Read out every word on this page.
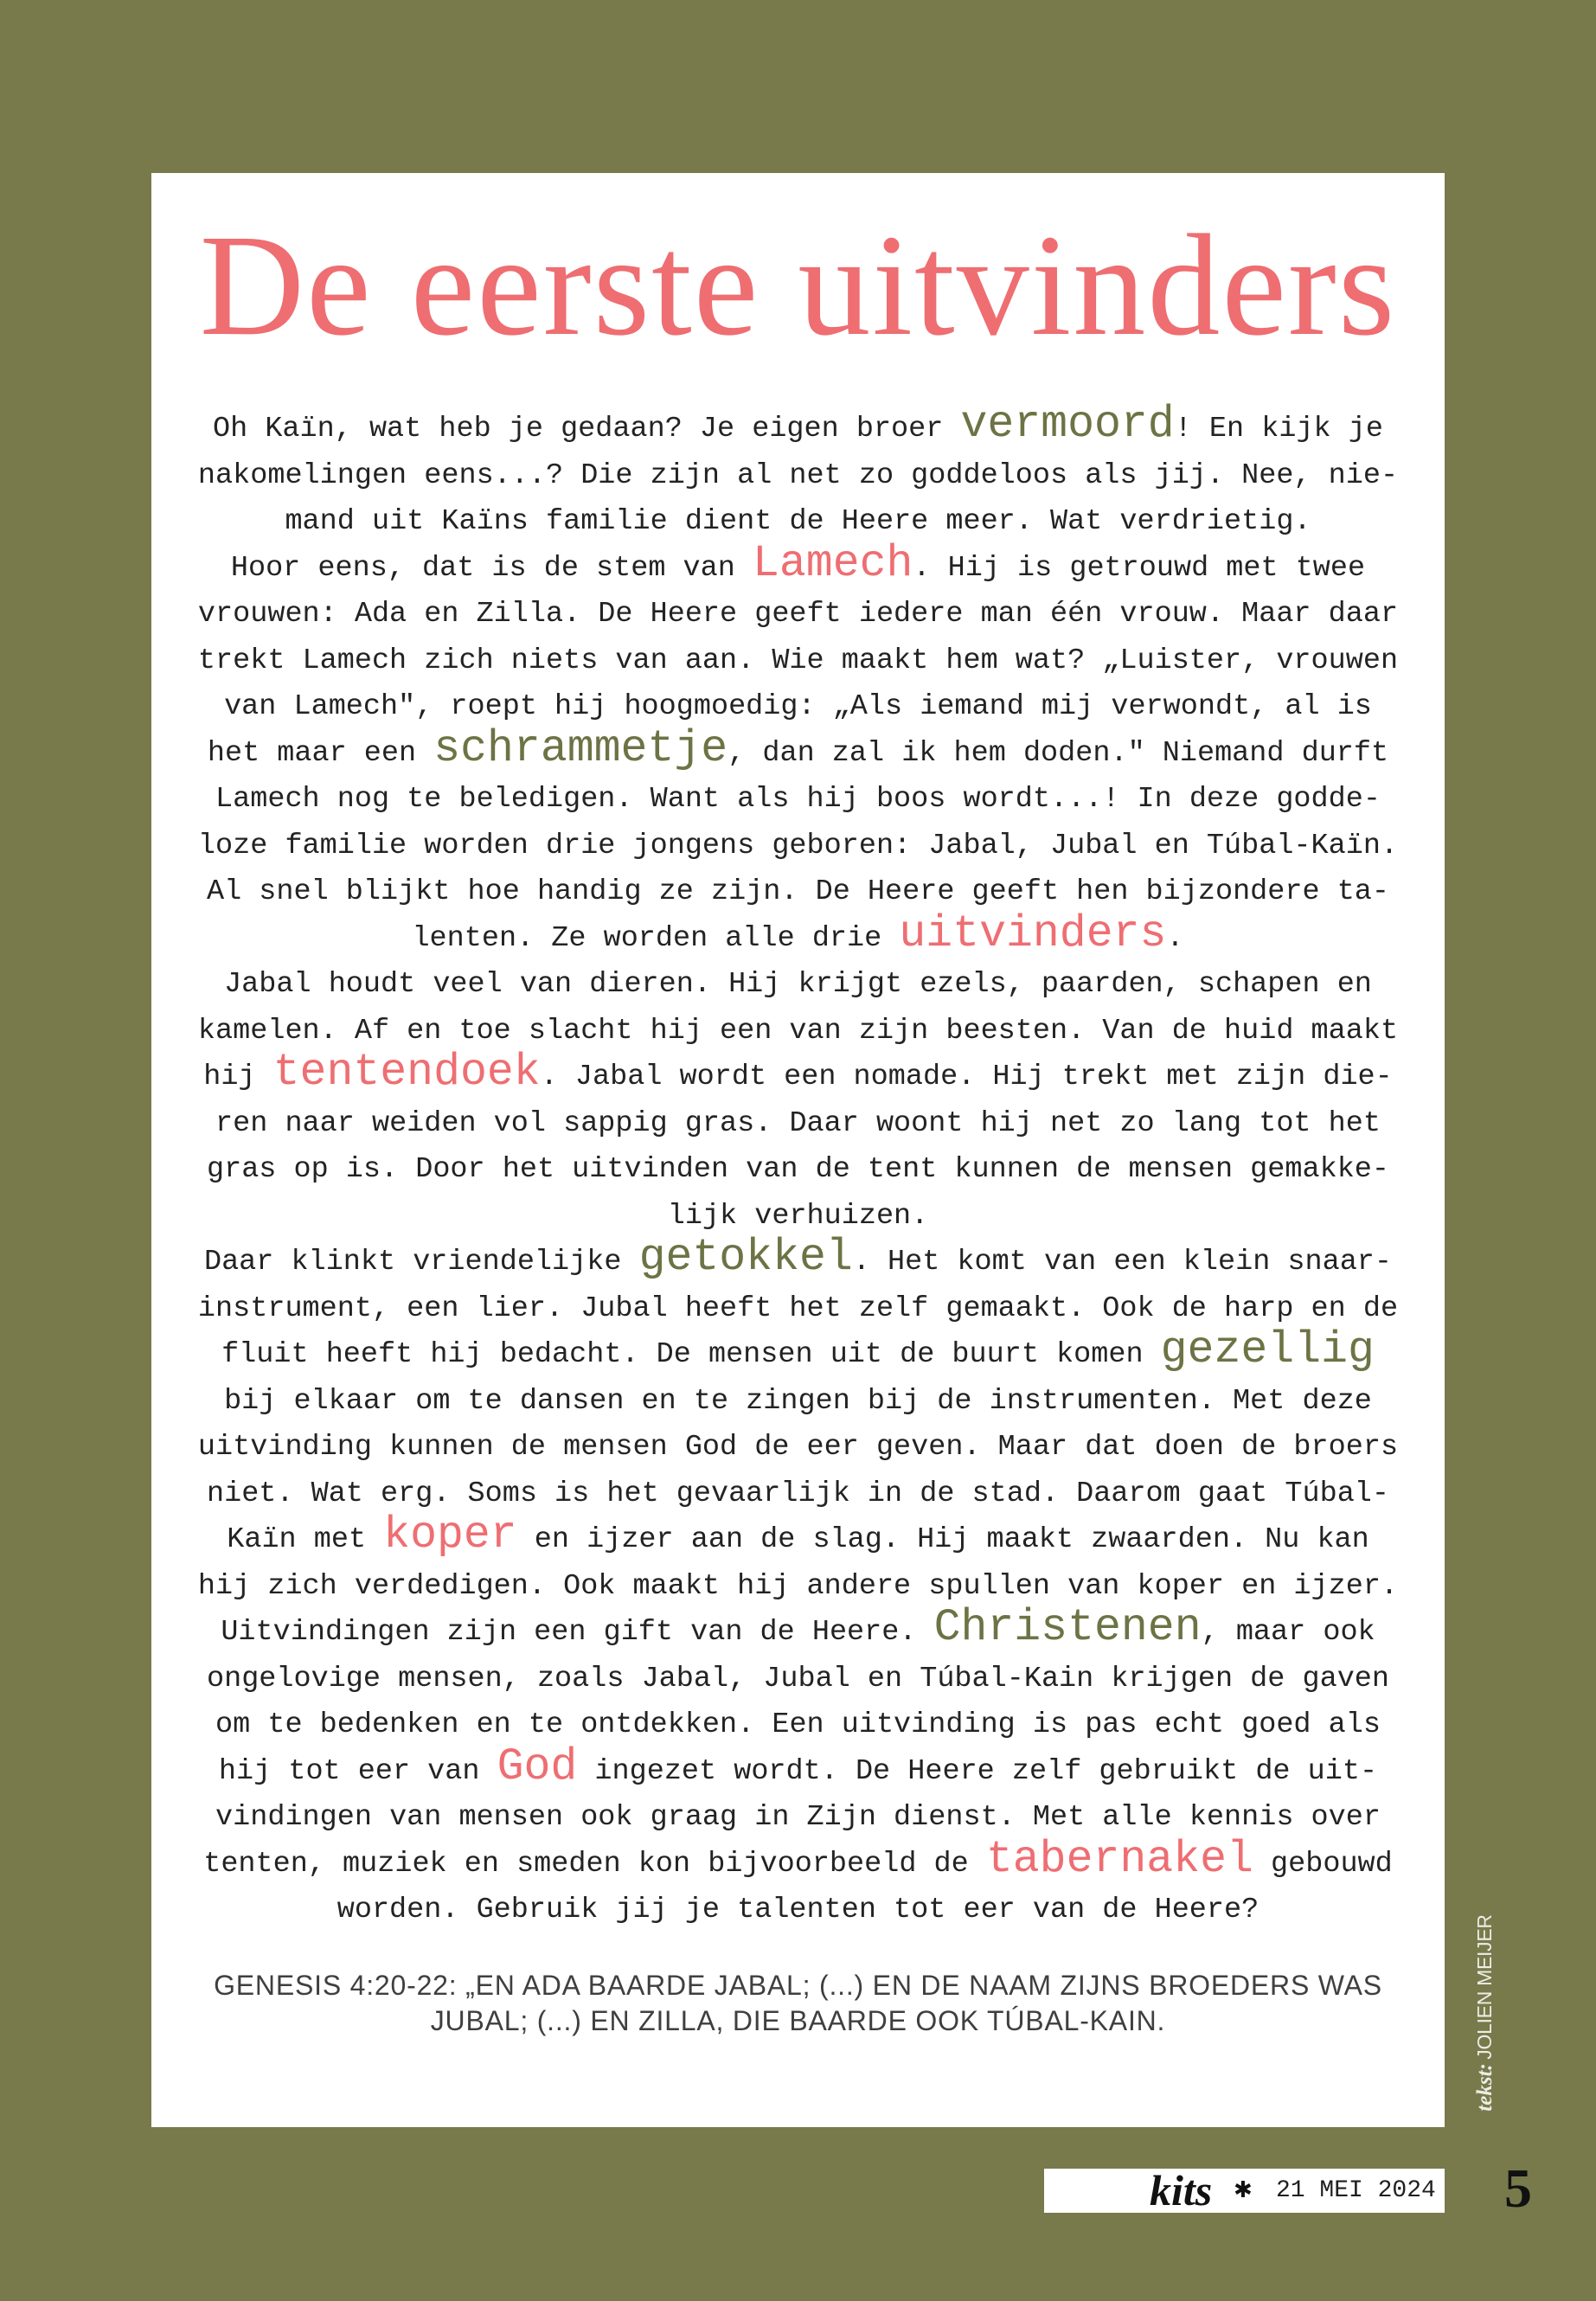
De eerste uitvinders
Oh Kaïn, wat heb je gedaan? Je eigen broer vermoord! En kijk je
nakomelingen eens...? Die zijn al net zo goddeloos als jij. Nee, nie-
mand uit Kaïns familie dient de Heere meer. Wat verdrietig.
Hoor eens, dat is de stem van Lamech. Hij is getrouwd met twee
vrouwen: Ada en Zilla. De Heere geeft iedere man één vrouw. Maar daar
trekt Lamech zich niets van aan. Wie maakt hem wat? „Luister, vrouwen
van Lamech", roept hij hoogmoedig: „Als iemand mij verwondt, al is
het maar een schrammetje, dan zal ik hem doden." Niemand durft
Lamech nog te beledigen. Want als hij boos wordt...! In deze godde-
loze familie worden drie jongens geboren: Jabal, Jubal en Túbal-Kaïn.
Al snel blijkt hoe handig ze zijn. De Heere geeft hen bijzondere ta-
lenten. Ze worden alle drie uitvinders.
Jabal houdt veel van dieren. Hij krijgt ezels, paarden, schapen en
kamelen. Af en toe slacht hij een van zijn beesten. Van de huid maakt
hij tentendoek. Jabal wordt een nomade. Hij trekt met zijn die-
ren naar weiden vol sappig gras. Daar woont hij net zo lang tot het
gras op is. Door het uitvinden van de tent kunnen de mensen gemakke-
lijk verhuizen.
Daar klinkt vriendelijke getokkel. Het komt van een klein snaar-
instrument, een lier. Jubal heeft het zelf gemaakt. Ook de harp en de
fluit heeft hij bedacht. De mensen uit de buurt komen gezellig
bij elkaar om te dansen en te zingen bij de instrumenten. Met deze
uitvinding kunnen de mensen God de eer geven. Maar dat doen de broers
niet. Wat erg. Soms is het gevaarlijk in de stad. Daarom gaat Túbal-
Kaïn met koper en ijzer aan de slag. Hij maakt zwaarden. Nu kan
hij zich verdedigen. Ook maakt hij andere spullen van koper en ijzer.
Uitvindingen zijn een gift van de Heere. Christenen, maar ook
ongelovige mensen, zoals Jabal, Jubal en Túbal-Kain krijgen de gaven
om te bedenken en te ontdekken. Een uitvinding is pas echt goed als
hij tot eer van God ingezet wordt. De Heere zelf gebruikt de uit-
vindingen van mensen ook graag in Zijn dienst. Met alle kennis over
tenten, muziek en smeden kon bijvoorbeeld de tabernakel gebouwd
worden. Gebruik jij je talenten tot eer van de Heere?
GENESIS 4:20-22: „EN ADA BAARDE JABAL; (...) EN DE NAAM ZIJNS BROEDERS WAS
JUBAL; (...) EN ZILLA, DIE BAARDE OOK TÚBAL-KAIN.
tekst: JOLIEN MEIJER
kits ✱ 21 MEI 2024 5
